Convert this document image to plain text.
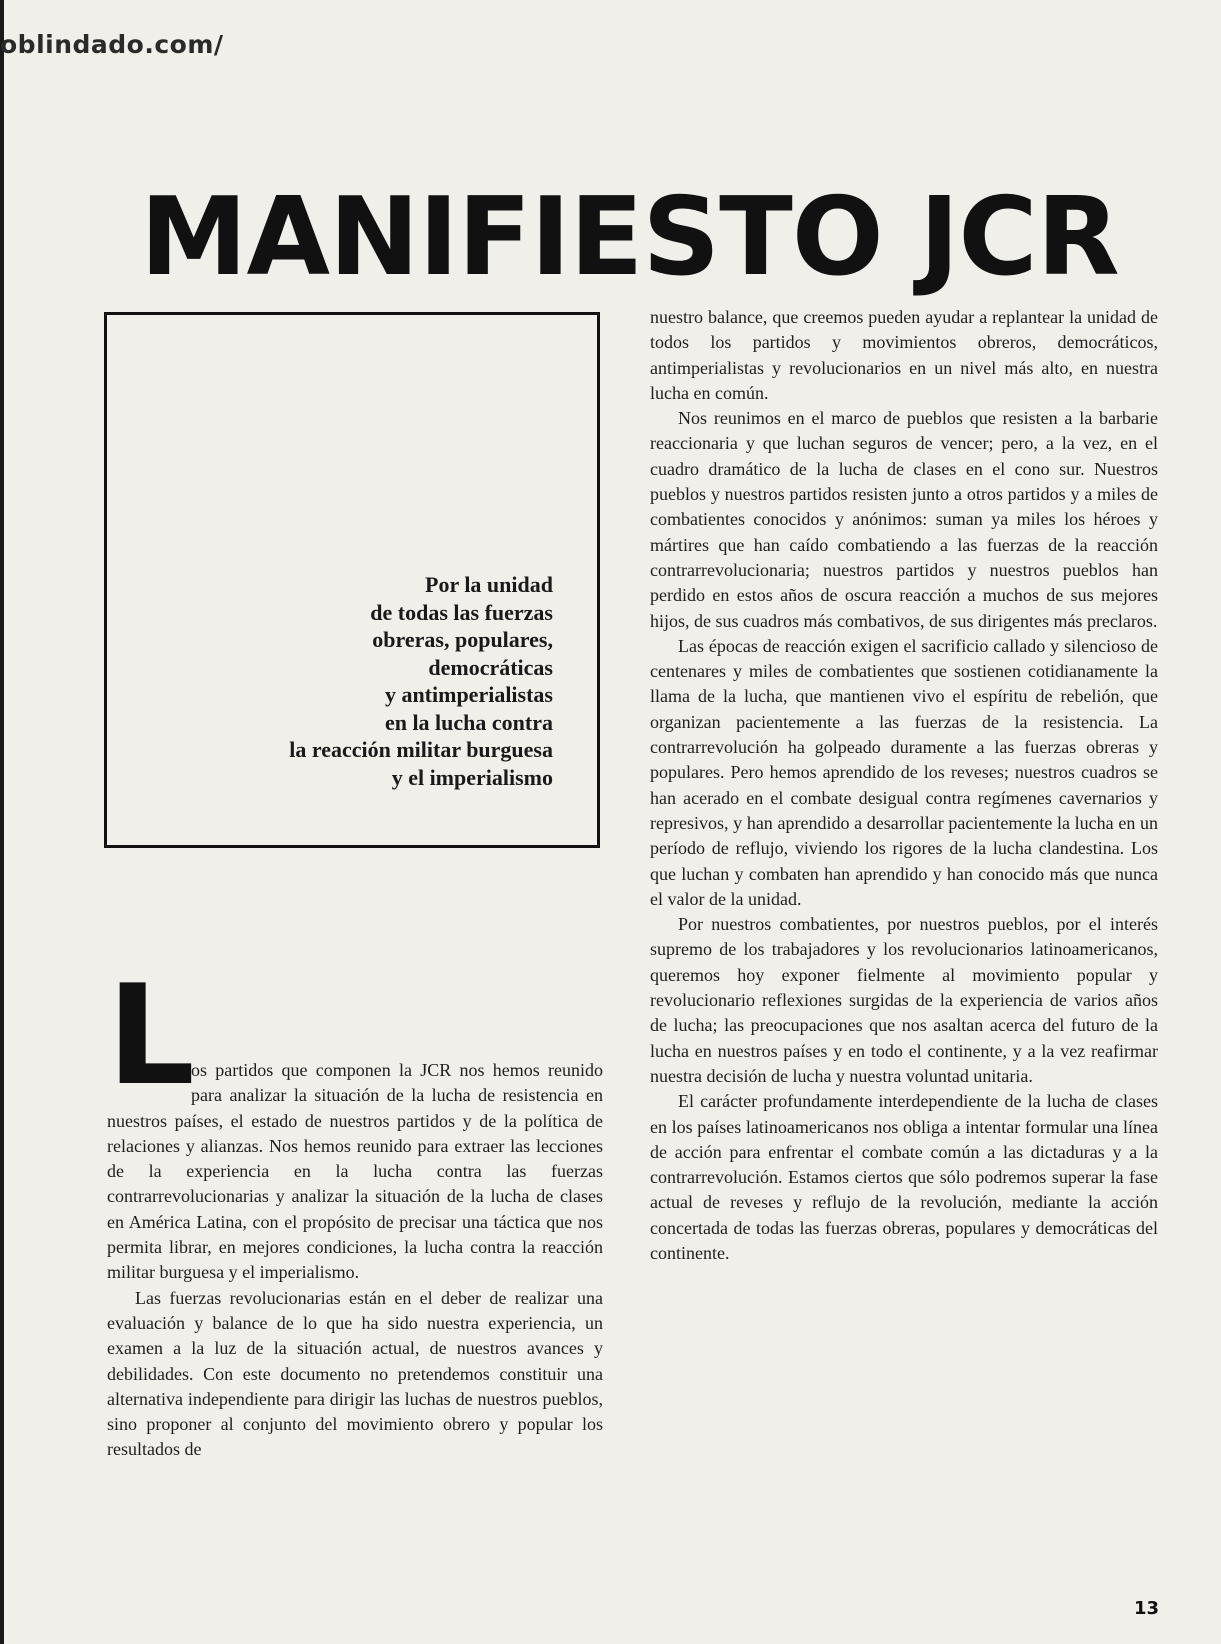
oblindado.com/
MANIFIESTO JCR
Por la unidad
de todas las fuerzas
obreras, populares,
democráticas
y antimperialistas
en la lucha contra
la reacción militar burguesa
y el imperialismo

L
os partidos que componen la JCR nos hemos reunido para analizar la situación de la lucha de resistencia en nuestros países, el estado de nuestros partidos y de la política de relaciones y alianzas. Nos hemos reunido para extraer las lecciones de la experiencia en la lucha contra las fuerzas contrarrevolucionarias y analizar la situación de la lucha de clases en América Latina, con el propósito de precisar una táctica que nos permita librar, en mejores condiciones, la lucha contra la reacción militar burguesa y el imperialismo.

Las fuerzas revolucionarias están en el deber de realizar una evaluación y balance de lo que ha sido nuestra experiencia, un examen a la luz de la situación actual, de nuestros avances y debilidades. Con este documento no pretendemos constituir una alternativa independiente para dirigir las luchas de nuestros pueblos, sino proponer al conjunto del movimiento obrero y popular los resultados de

nuestro balance, que creemos pueden ayudar a replantear la unidad de todos los partidos y movimientos obreros, democráticos, antimperialistas y revolucionarios en un nivel más alto, en nuestra lucha en común.

Nos reunimos en el marco de pueblos que resisten a la barbarie reaccionaria y que luchan seguros de vencer; pero, a la vez, en el cuadro dramático de la lucha de clases en el cono sur. Nuestros pueblos y nuestros partidos resisten junto a otros partidos y a miles de combatientes conocidos y anónimos: suman ya miles los héroes y mártires que han caído combatiendo a las fuerzas de la reacción contrarrevolucionaria; nuestros partidos y nuestros pueblos han perdido en estos años de oscura reacción a muchos de sus mejores hijos, de sus cuadros más combativos, de sus dirigentes más preclaros.

Las épocas de reacción exigen el sacrificio callado y silencioso de centenares y miles de combatientes que sostienen cotidianamente la llama de la lucha, que mantienen vivo el espíritu de rebelión, que organizan pacientemente a las fuerzas de la resistencia. La contrarrevolución ha golpeado duramente a las fuerzas obreras y populares. Pero hemos aprendido de los reveses; nuestros cuadros se han acerado en el combate desigual contra regímenes cavernarios y represivos, y han aprendido a desarrollar pacientemente la lucha en un período de reflujo, viviendo los rigores de la lucha clandestina. Los que luchan y combaten han aprendido y han conocido más que nunca el valor de la unidad.

Por nuestros combatientes, por nuestros pueblos, por el interés supremo de los trabajadores y los revolucionarios latinoamericanos, queremos hoy exponer fielmente al movimiento popular y revolucionario reflexiones surgidas de la experiencia de varios años de lucha; las preocupaciones que nos asaltan acerca del futuro de la lucha en nuestros países y en todo el continente, y a la vez reafirmar nuestra decisión de lucha y nuestra voluntad unitaria.

El carácter profundamente interdependiente de la lucha de clases en los países latinoamericanos nos obliga a intentar formular una línea de acción para enfrentar el combate común a las dictaduras y a la contrarrevolución. Estamos ciertos que sólo podremos superar la fase actual de reveses y reflujo de la revolución, mediante la acción concertada de todas las fuerzas obreras, populares y democráticas del continente.

13
